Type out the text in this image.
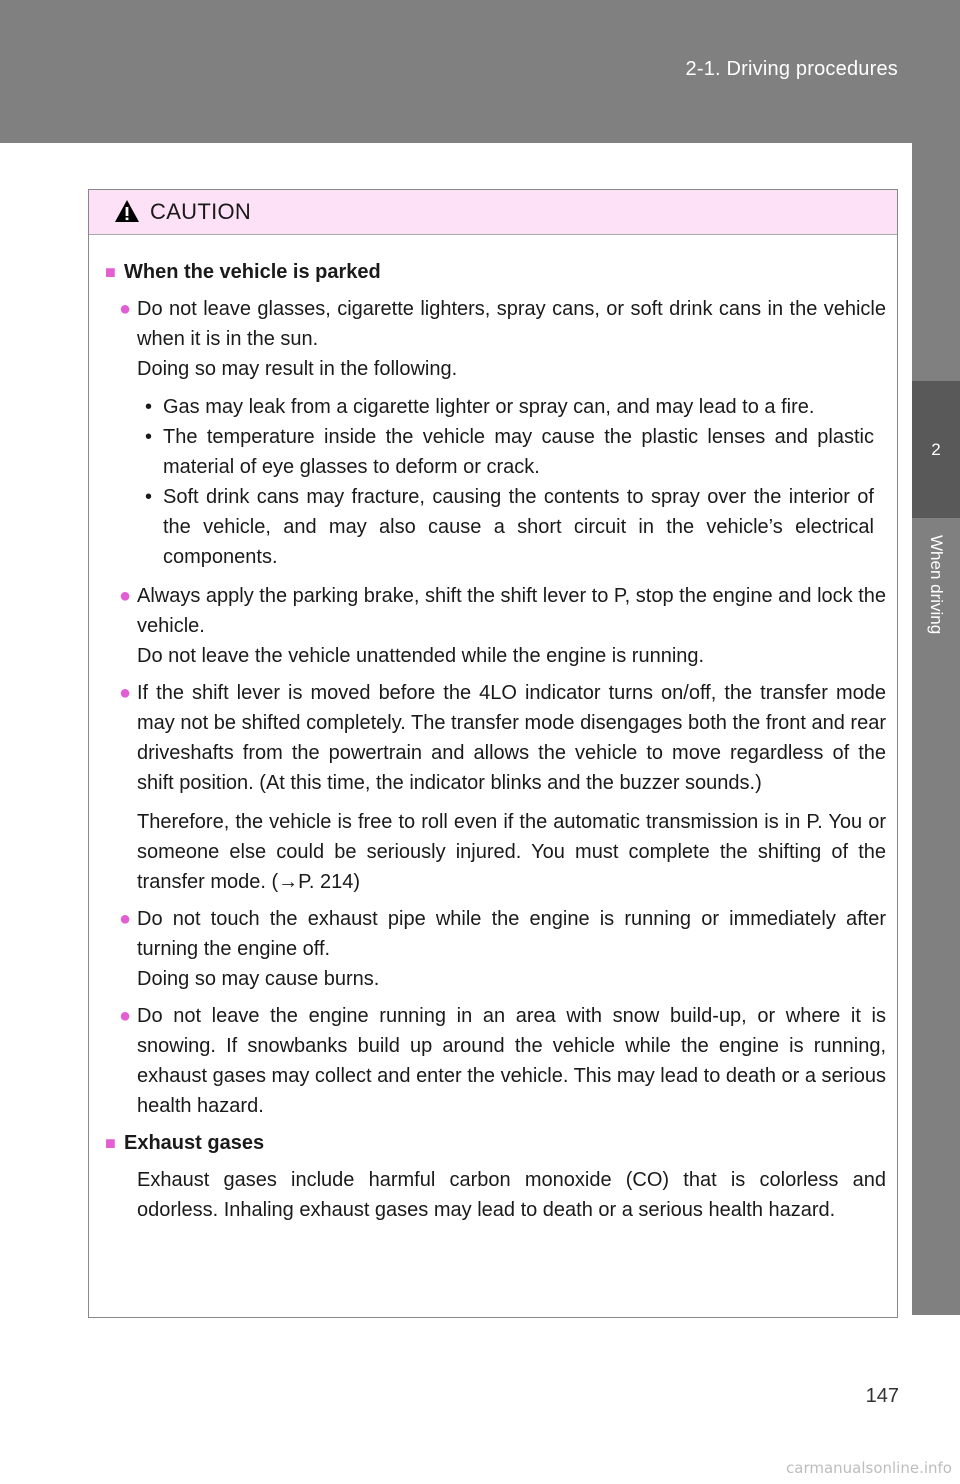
2-1. Driving procedures
2
When driving
CAUTION
■ When the vehicle is parked
● Do not leave glasses, cigarette lighters, spray cans, or soft drink cans in the vehicle when it is in the sun.

Doing so may result in the following.

• Gas may leak from a cigarette lighter or spray can, and may lead to a fire.
• The temperature inside the vehicle may cause the plastic lenses and plastic material of eye glasses to deform or crack.
• Soft drink cans may fracture, causing the contents to spray over the interior of the vehicle, and may also cause a short circuit in the vehicle’s electrical components.
● Always apply the parking brake, shift the shift lever to P, stop the engine and lock the vehicle.

Do not leave the vehicle unattended while the engine is running.

● If the shift lever is moved before the 4LO indicator turns on/off, the transfer mode may not be shifted completely. The transfer mode disengages both the front and rear driveshafts from the powertrain and allows the vehicle to move regardless of the shift position. (At this time, the indicator blinks and the buzzer sounds.)

Therefore, the vehicle is free to roll even if the automatic transmission is in P. You or someone else could be seriously injured. You must complete the shifting of the transfer mode. (→P. 214)

● Do not touch the exhaust pipe while the engine is running or immediately after turning the engine off.

Doing so may cause burns.

● Do not leave the engine running in an area with snow build-up, or where it is snowing. If snowbanks build up around the vehicle while the engine is running, exhaust gases may collect and enter the vehicle. This may lead to death or a serious health hazard.

■ Exhaust gases
Exhaust gases include harmful carbon monoxide (CO) that is colorless and odorless. Inhaling exhaust gases may lead to death or a serious health hazard.
147
carmanualsonline.info
